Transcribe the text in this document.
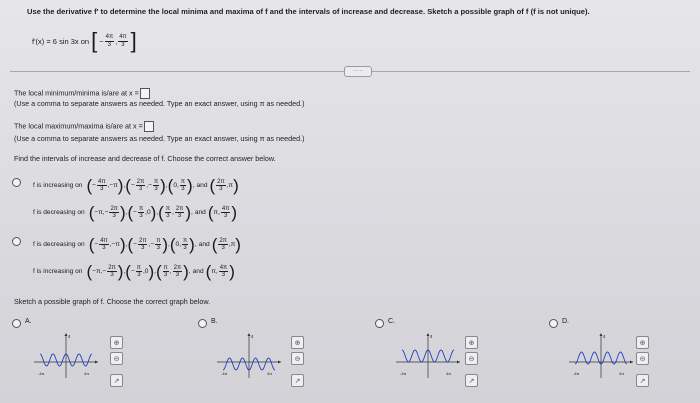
Use the derivative f' to determine the local minima and maxima of f and the intervals of increase and decrease. Sketch a possible graph of f (f is not unique).
f'(x) = 6 sin 3x on [ − $\frac{4\pi}{3}$ , $\frac{4\pi}{3}$ ]
······
The local minimum/minima is/are at x =
(Use a comma to separate answers as needed. Type an exact answer, using π as needed.)
The local maximum/maxima is/are at x =
(Use a comma to separate answers as needed. Type an exact answer, using π as needed.)
Find the intervals of increase and decrease of f. Choose the correct answer below.
f is increasing on ( − $\frac{4\pi}{3}$ , −π ) , ( − $\frac{2\pi}{3}$ , − $\frac{\pi}{3}$ ) , ( 0 , $\frac{\pi}{3}$ ) , and ( $\frac{2\pi}{3}$ , π )
f is decreasing on ( −π , − $\frac{2\pi}{3}$ ) , ( − $\frac{\pi}{3}$ , 0 ) , ( $\frac{\pi}{3}$ , $\frac{2\pi}{3}$ ) , and ( π , $\frac{4\pi}{3}$ )
f is decreasing on ( − $\frac{4\pi}{3}$ , −π ) , ( − $\frac{2\pi}{3}$ , − $\frac{\pi}{3}$ ) , ( 0 , $\frac{\pi}{3}$ ) , and ( $\frac{2\pi}{3}$ , π )
f is increasing on ( −π , − $\frac{2\pi}{3}$ ) , ( − $\frac{\pi}{3}$ , 0 ) , ( $\frac{\pi}{3}$ , $\frac{2\pi}{3}$ ) , and ( π , $\frac{4\pi}{3}$ )
Sketch a possible graph of f. Choose the correct graph below.
A.
4
-4π	4π
⊕
⊖
↗
B.
4
-4π	4π
⊕
⊖
↗
C.
4
-4π	4π
⊕
⊖
↗
D.
4
-4π	4π
⊕
⊖
↗
